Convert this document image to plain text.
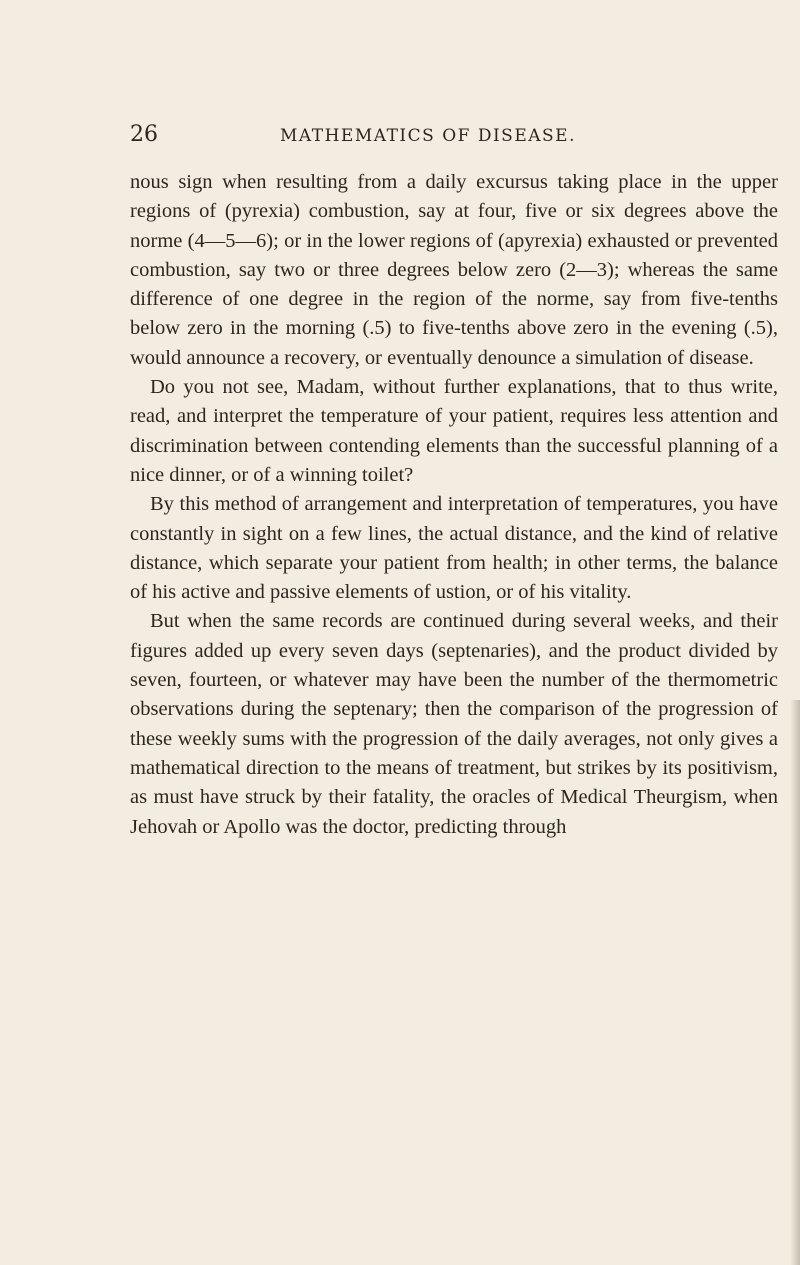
26	MATHEMATICS OF DISEASE.

nous sign when resulting from a daily excursus taking place in the upper regions of (pyrexia) combustion, say at four, five or six degrees above the norme (4—5—6); or in the lower regions of (apyrexia) exhausted or prevented combustion, say two or three degrees below zero (2—3); whereas the same difference of one degree in the region of the norme, say from five-tenths below zero in the morning (.5) to five-tenths above zero in the evening (.5), would announce a recovery, or eventually denounce a simulation of disease.

Do you not see, Madam, without further explanations, that to thus write, read, and interpret the temperature of your patient, requires less attention and discrimination between contending elements than the successful planning of a nice dinner, or of a winning toilet?

By this method of arrangement and interpretation of temperatures, you have constantly in sight on a few lines, the actual distance, and the kind of relative distance, which separate your patient from health; in other terms, the balance of his active and passive elements of ustion, or of his vitality.

But when the same records are continued during several weeks, and their figures added up every seven days (septenaries), and the product divided by seven, fourteen, or whatever may have been the number of the thermometric observations during the septenary; then the comparison of the progression of these weekly sums with the progression of the daily averages, not only gives a mathematical direction to the means of treatment, but strikes by its positivism, as must have struck by their fatality, the oracles of Medical Theurgism, when Jehovah or Apollo was the doctor, predicting through
